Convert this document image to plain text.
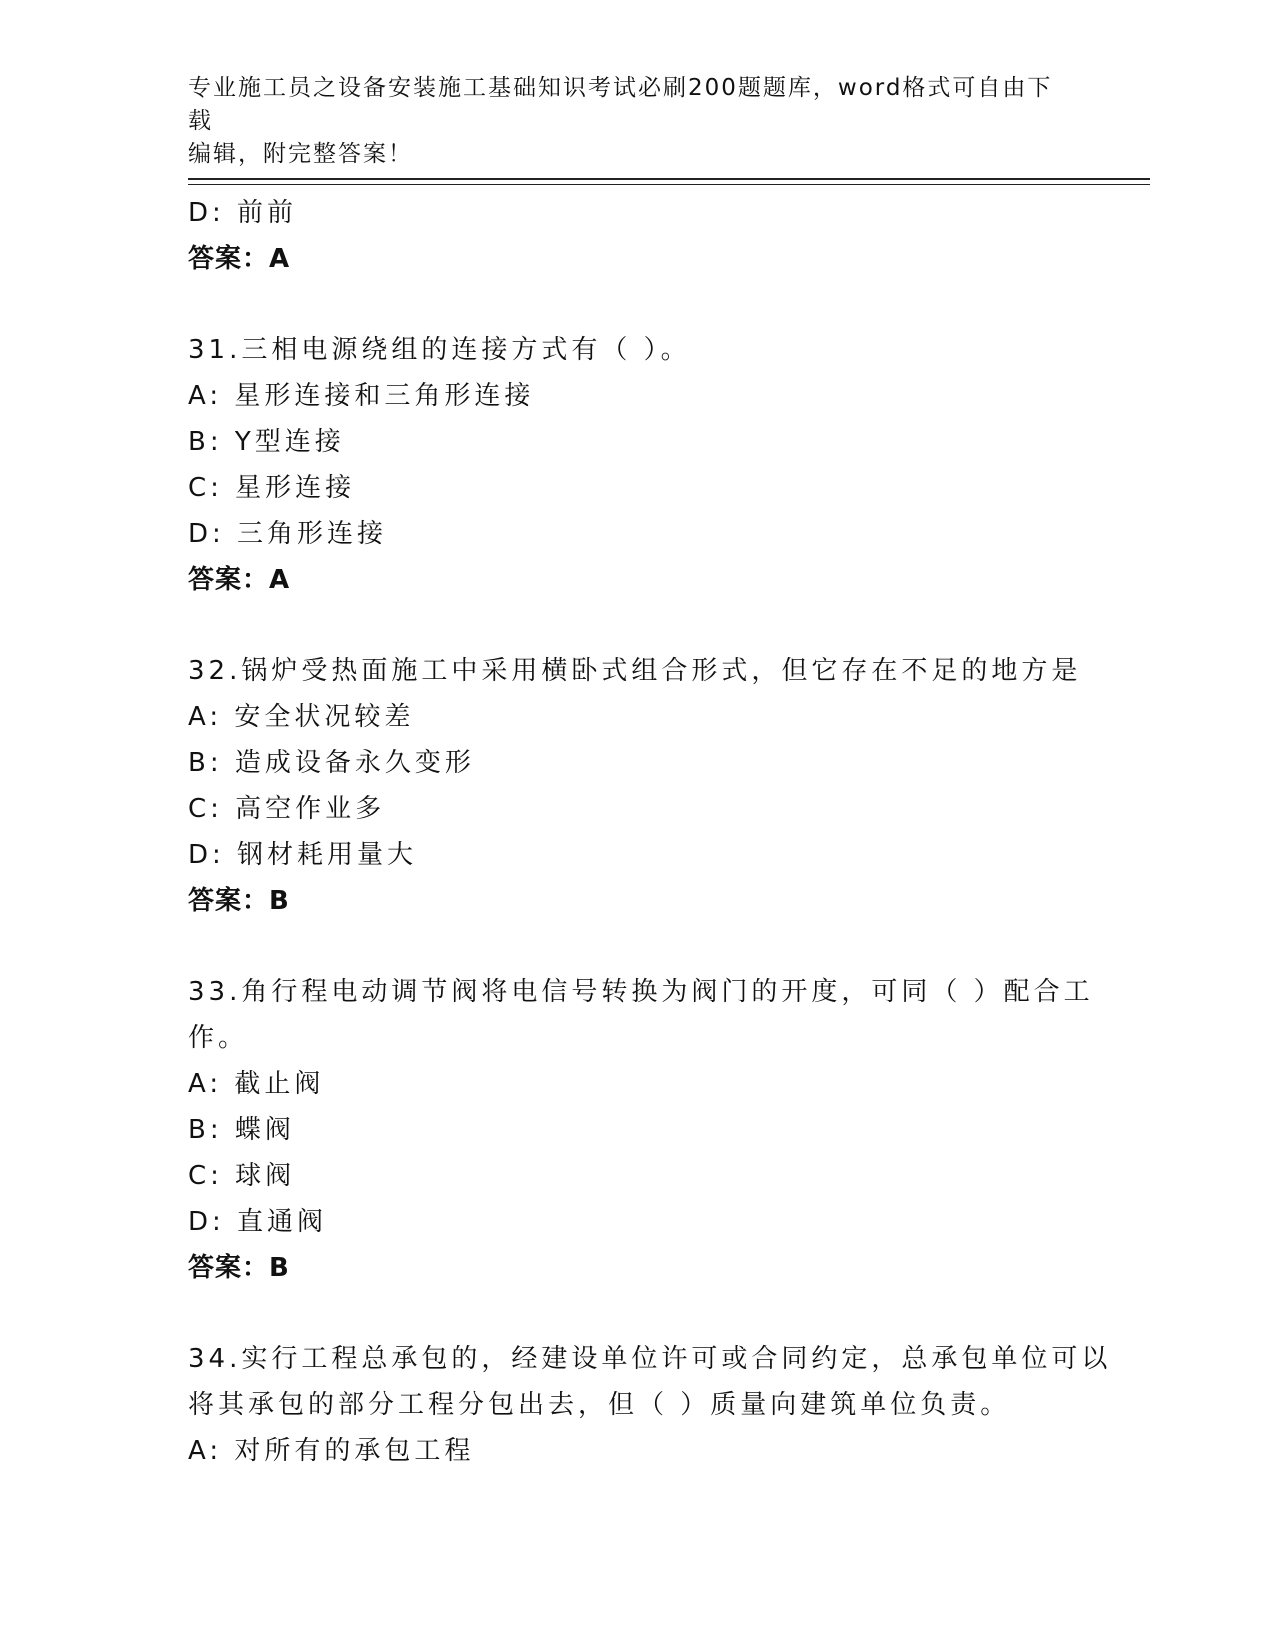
专业施工员之设备安装施工基础知识考试必刷200题题库，word格式可自由下载
编辑，附完整答案！
D: 前前
答案：A
31.三相电源绕组的连接方式有（ ）。
A: 星形连接和三角形连接
B: Y型连接
C: 星形连接
D: 三角形连接
答案：A
32.锅炉受热面施工中采用横卧式组合形式，但它存在不足的地方是
A: 安全状况较差
B: 造成设备永久变形
C: 高空作业多
D: 钢材耗用量大
答案：B
33.角行程电动调节阀将电信号转换为阀门的开度，可同（ ）配合工
作。
A: 截止阀
B: 蝶阀
C: 球阀
D: 直通阀
答案：B
34.实行工程总承包的，经建设单位许可或合同约定，总承包单位可以
将其承包的部分工程分包出去，但（ ）质量向建筑单位负责。
A: 对所有的承包工程
